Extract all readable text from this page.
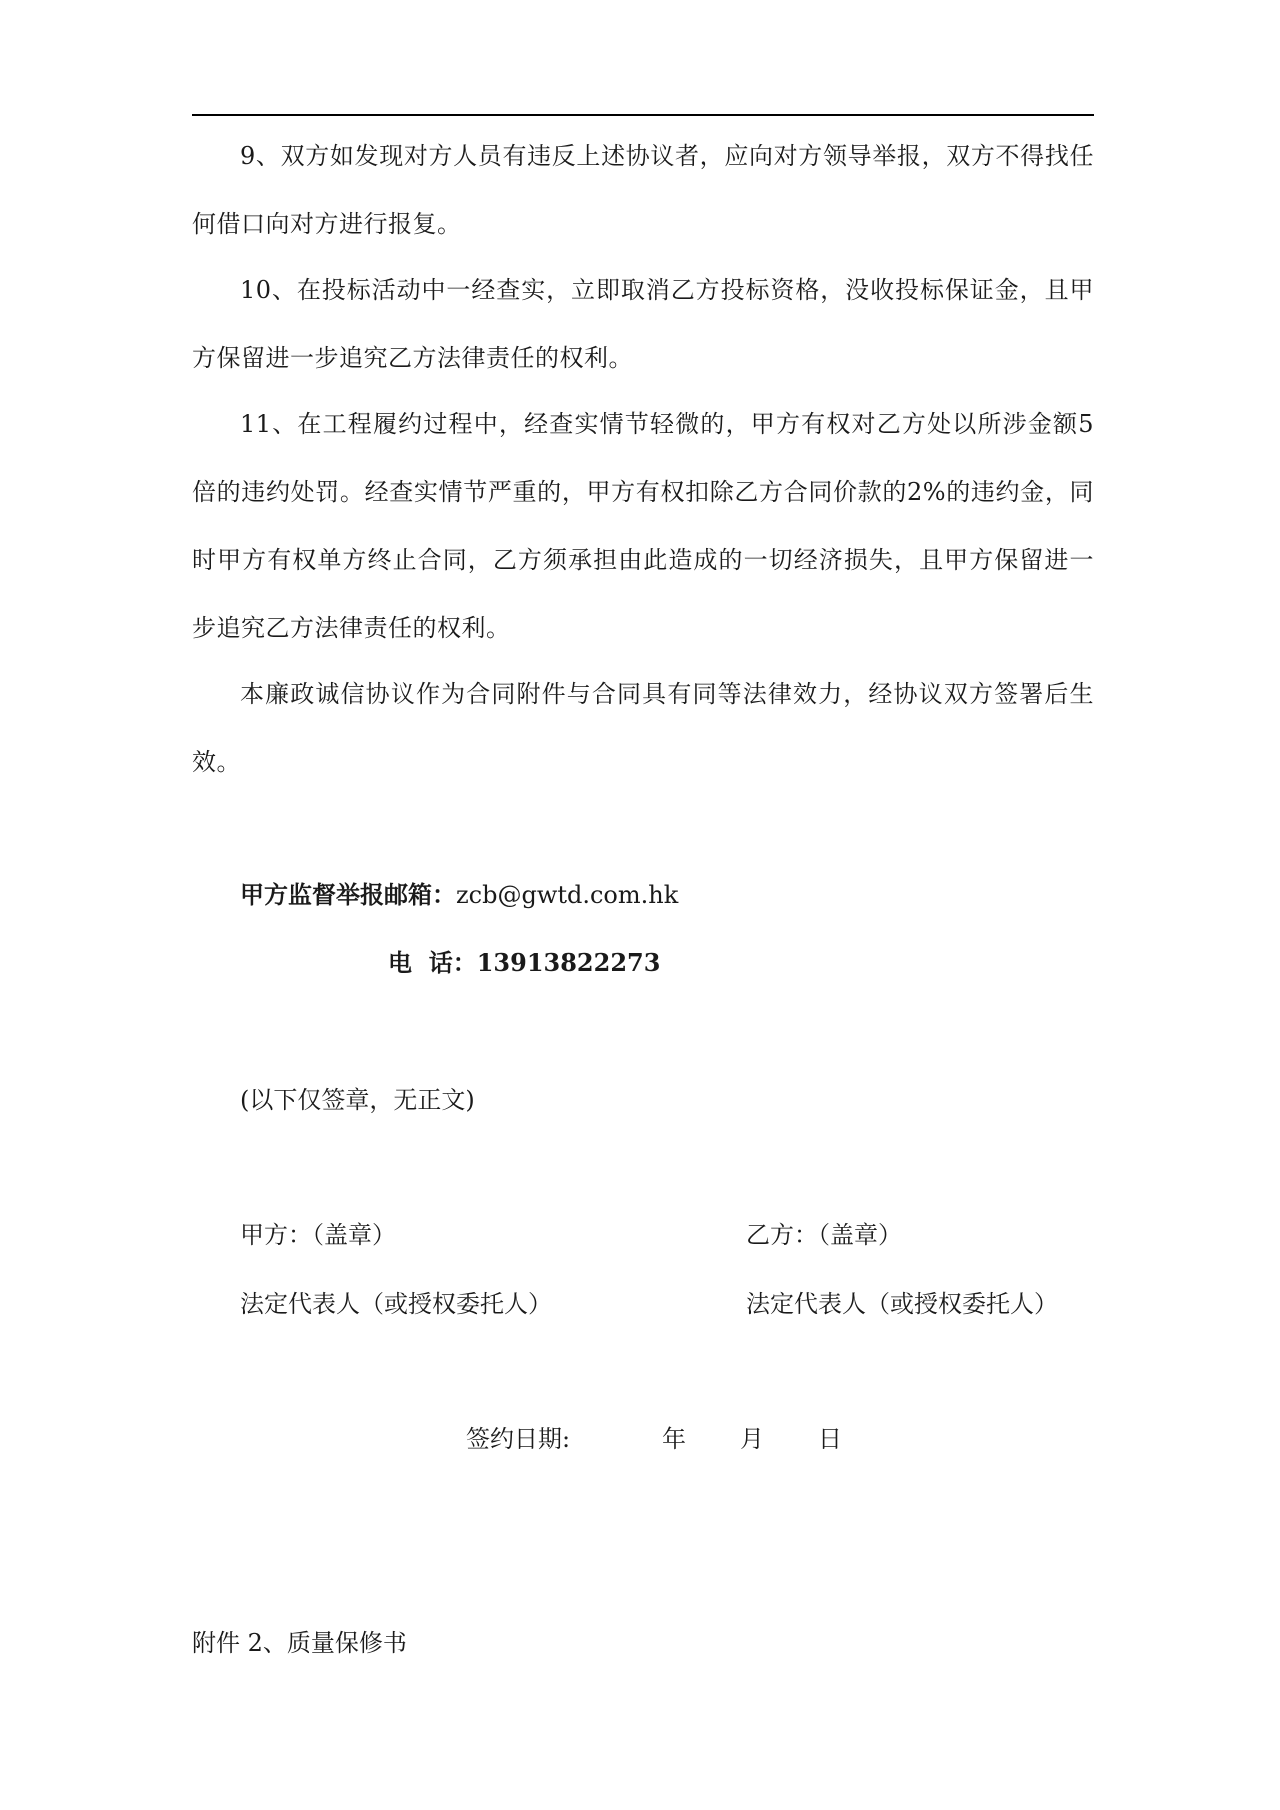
9、双方如发现对方人员有违反上述协议者，应向对方领导举报，双方不得找任何借口向对方进行报复。

10、在投标活动中一经查实，立即取消乙方投标资格，没收投标保证金，且甲方保留进一步追究乙方法律责任的权利。

11、在工程履约过程中，经查实情节轻微的，甲方有权对乙方处以所涉金额5倍的违约处罚。经查实情节严重的，甲方有权扣除乙方合同价款的2%的违约金，同时甲方有权单方终止合同，乙方须承担由此造成的一切经济损失，且甲方保留进一步追究乙方法律责任的权利。

本廉政诚信协议作为合同附件与合同具有同等法律效力，经协议双方签署后生效。

甲方监督举报邮箱：zcb@gwtd.com.hk
电  话：13913822273
(以下仅签章，无正文)
甲方：（盖章）
法定代表人（或授权委托人）
乙方：（盖章）
法定代表人（或授权委托人）
签约日期:	年 月 日
附件 2、质量保修书
